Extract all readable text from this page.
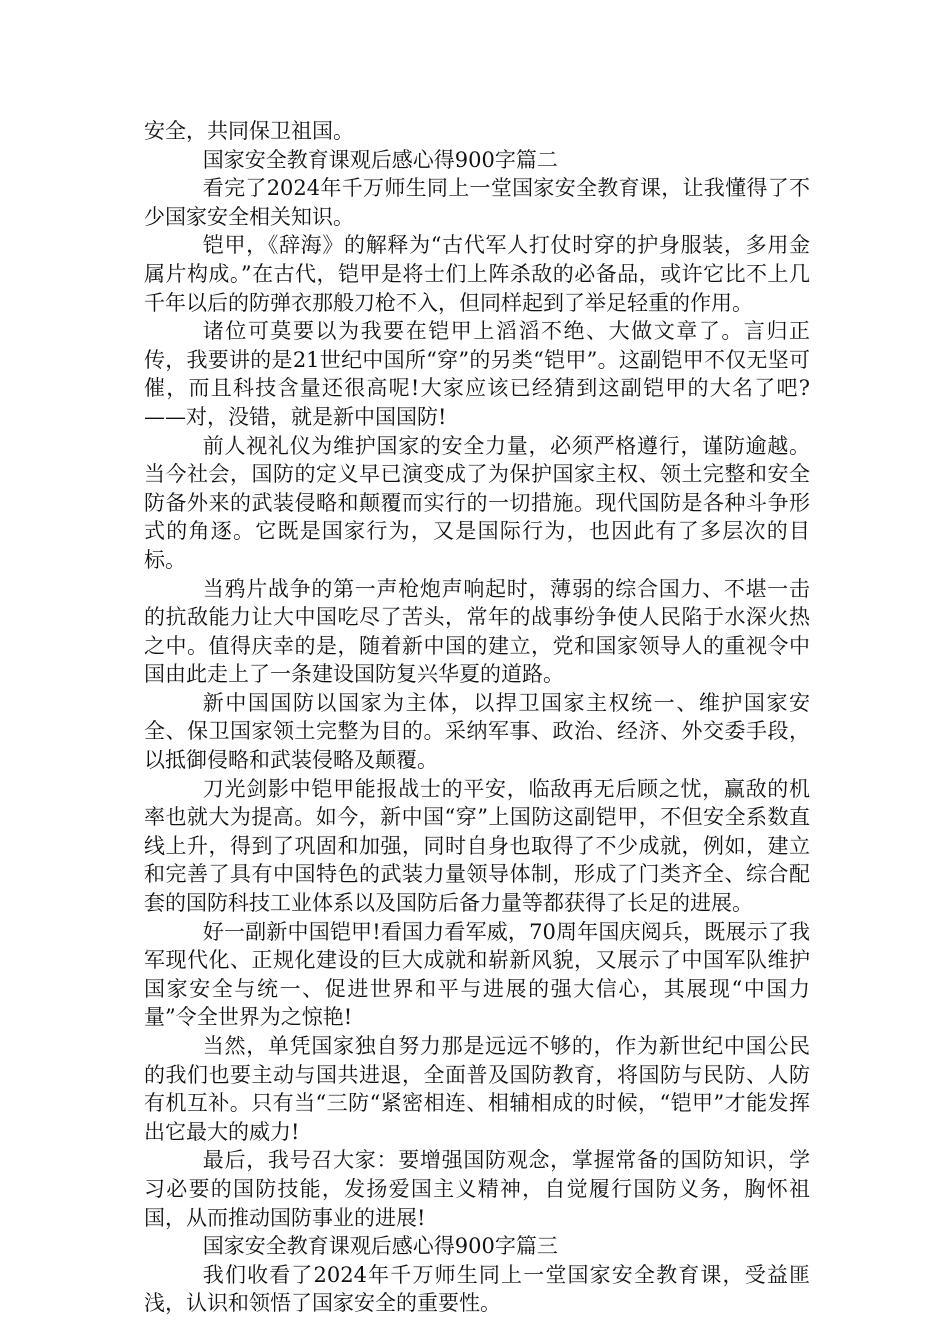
安全，共同保卫祖国。

国家安全教育课观后感心得900字篇二

看完了2024年千万师生同上一堂国家安全教育课，让我懂得了不少国家安全相关知识。

铠甲，《辞海》的解释为“古代军人打仗时穿的护身服装，多用金属片构成。”在古代，铠甲是将士们上阵杀敌的必备品，或许它比不上几千年以后的防弹衣那般刀枪不入，但同样起到了举足轻重的作用。

诸位可莫要以为我要在铠甲上滔滔不绝、大做文章了。言归正传，我要讲的是21世纪中国所“穿”的另类“铠甲”。这副铠甲不仅无坚可催，而且科技含量还很高呢!大家应该已经猜到这副铠甲的大名了吧?——对，没错，就是新中国国防!

前人视礼仪为维护国家的安全力量，必须严格遵行，谨防逾越。当今社会，国防的定义早已演变成了为保护国家主权、领土完整和安全防备外来的武装侵略和颠覆而实行的一切措施。现代国防是各种斗争形式的角逐。它既是国家行为，又是国际行为，也因此有了多层次的目标。

当鸦片战争的第一声枪炮声响起时，薄弱的综合国力、不堪一击的抗敌能力让大中国吃尽了苦头，常年的战事纷争使人民陷于水深火热之中。值得庆幸的是，随着新中国的建立，党和国家领导人的重视令中国由此走上了一条建设国防复兴华夏的道路。

新中国国防以国家为主体，以捍卫国家主权统一、维护国家安全、保卫国家领土完整为目的。采纳军事、政治、经济、外交委手段，以抵御侵略和武装侵略及颠覆。

刀光剑影中铠甲能报战士的平安，临敌再无后顾之忧，赢敌的机率也就大为提高。如今，新中国“穿”上国防这副铠甲，不但安全系数直线上升，得到了巩固和加强，同时自身也取得了不少成就，例如，建立和完善了具有中国特色的武装力量领导体制，形成了门类齐全、综合配套的国防科技工业体系以及国防后备力量等都获得了长足的进展。

好一副新中国铠甲!看国力看军威，70周年国庆阅兵，既展示了我军现代化、正规化建设的巨大成就和崭新风貌，又展示了中国军队维护国家安全与统一、促进世界和平与进展的强大信心，其展现“中国力量”令全世界为之惊艳!

当然，单凭国家独自努力那是远远不够的，作为新世纪中国公民的我们也要主动与国共进退，全面普及国防教育，将国防与民防、人防有机互补。只有当“三防“紧密相连、相辅相成的时候，“铠甲”才能发挥出它最大的威力!

最后，我号召大家：要增强国防观念，掌握常备的国防知识，学习必要的国防技能，发扬爱国主义精神，自觉履行国防义务，胸怀祖国，从而推动国防事业的进展!

国家安全教育课观后感心得900字篇三

我们收看了2024年千万师生同上一堂国家安全教育课，受益匪浅，认识和领悟了国家安全的重要性。
